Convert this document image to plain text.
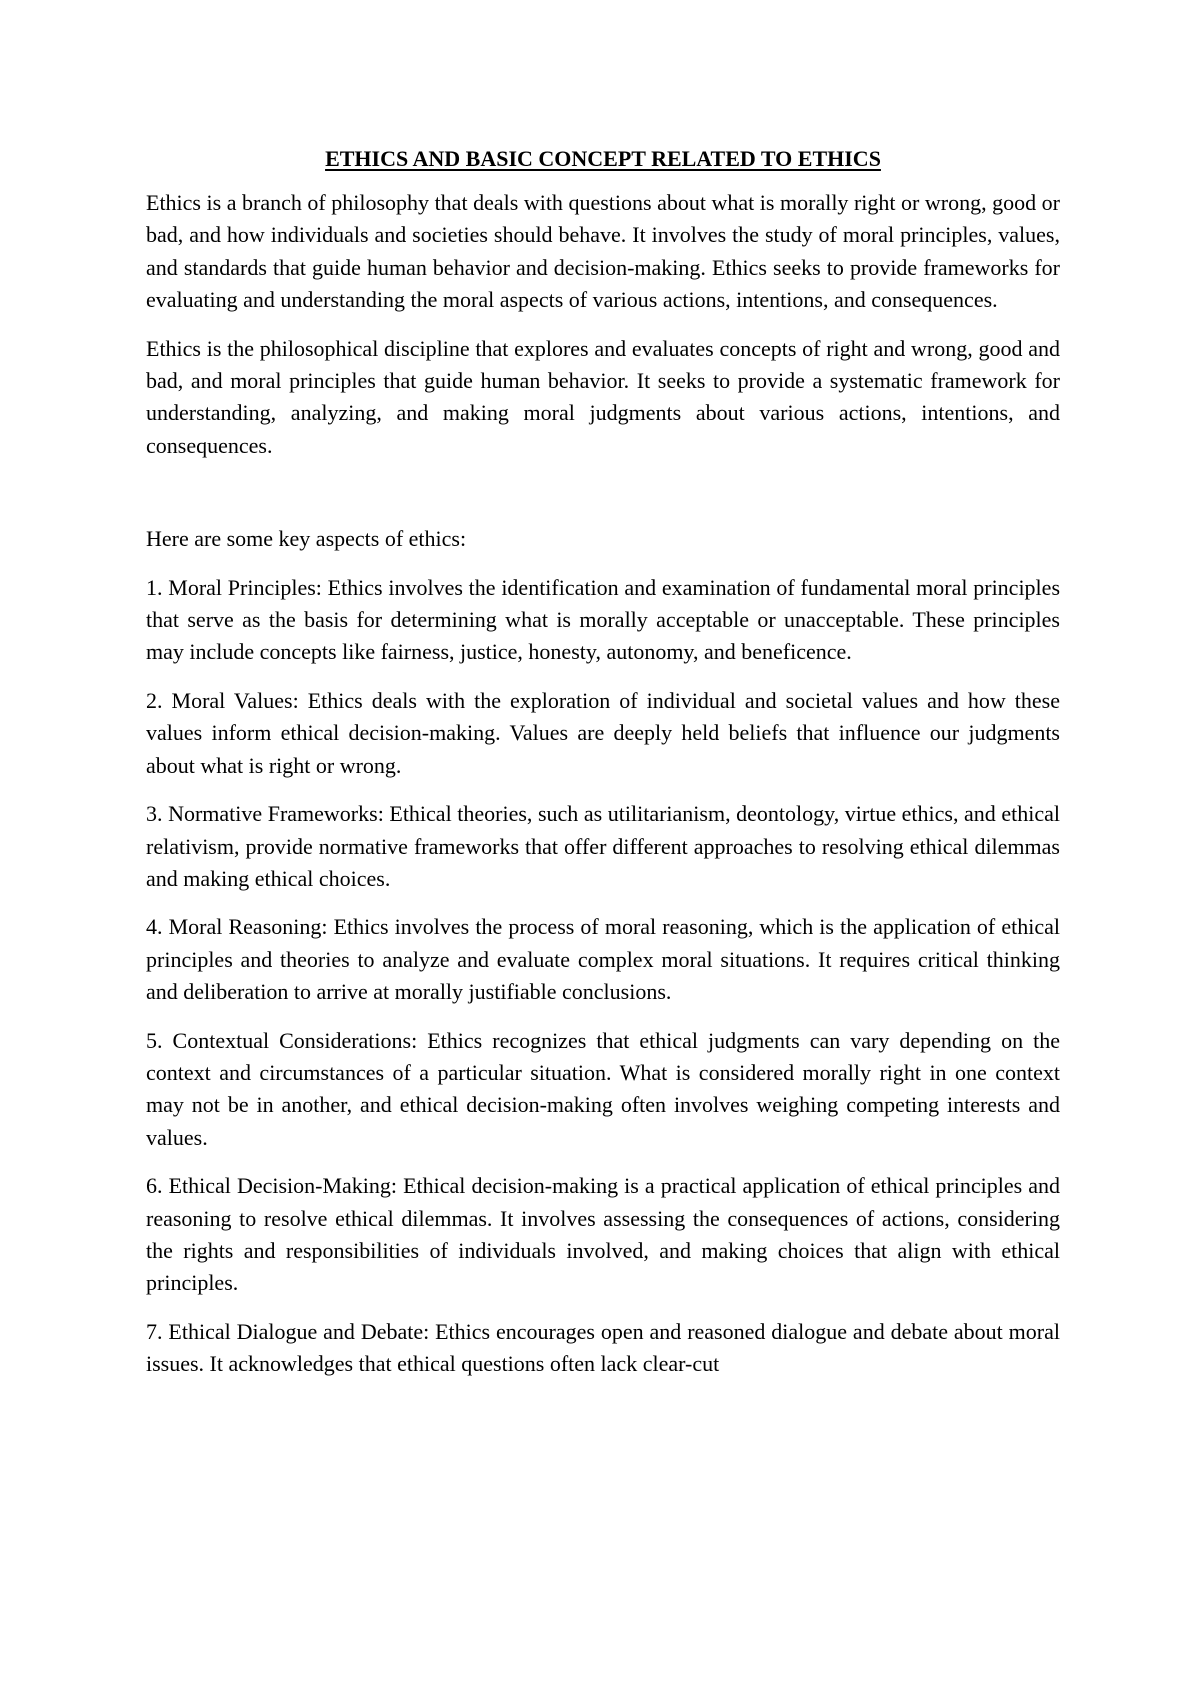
ETHICS AND BASIC CONCEPT RELATED TO ETHICS

Ethics is a branch of philosophy that deals with questions about what is morally right or wrong, good or bad, and how individuals and societies should behave. It involves the study of moral principles, values, and standards that guide human behavior and decision-making. Ethics seeks to provide frameworks for evaluating and understanding the moral aspects of various actions, intentions, and consequences.

Ethics is the philosophical discipline that explores and evaluates concepts of right and wrong, good and bad, and moral principles that guide human behavior. It seeks to provide a systematic framework for understanding, analyzing, and making moral judgments about various actions, intentions, and consequences.

Here are some key aspects of ethics:

1. Moral Principles: Ethics involves the identification and examination of fundamental moral principles that serve as the basis for determining what is morally acceptable or unacceptable. These principles may include concepts like fairness, justice, honesty, autonomy, and beneficence.

2. Moral Values: Ethics deals with the exploration of individual and societal values and how these values inform ethical decision-making. Values are deeply held beliefs that influence our judgments about what is right or wrong.

3. Normative Frameworks: Ethical theories, such as utilitarianism, deontology, virtue ethics, and ethical relativism, provide normative frameworks that offer different approaches to resolving ethical dilemmas and making ethical choices.

4. Moral Reasoning: Ethics involves the process of moral reasoning, which is the application of ethical principles and theories to analyze and evaluate complex moral situations. It requires critical thinking and deliberation to arrive at morally justifiable conclusions.

5. Contextual Considerations: Ethics recognizes that ethical judgments can vary depending on the context and circumstances of a particular situation. What is considered morally right in one context may not be in another, and ethical decision-making often involves weighing competing interests and values.

6. Ethical Decision-Making: Ethical decision-making is a practical application of ethical principles and reasoning to resolve ethical dilemmas. It involves assessing the consequences of actions, considering the rights and responsibilities of individuals involved, and making choices that align with ethical principles.

7. Ethical Dialogue and Debate: Ethics encourages open and reasoned dialogue and debate about moral issues. It acknowledges that ethical questions often lack clear-cut
